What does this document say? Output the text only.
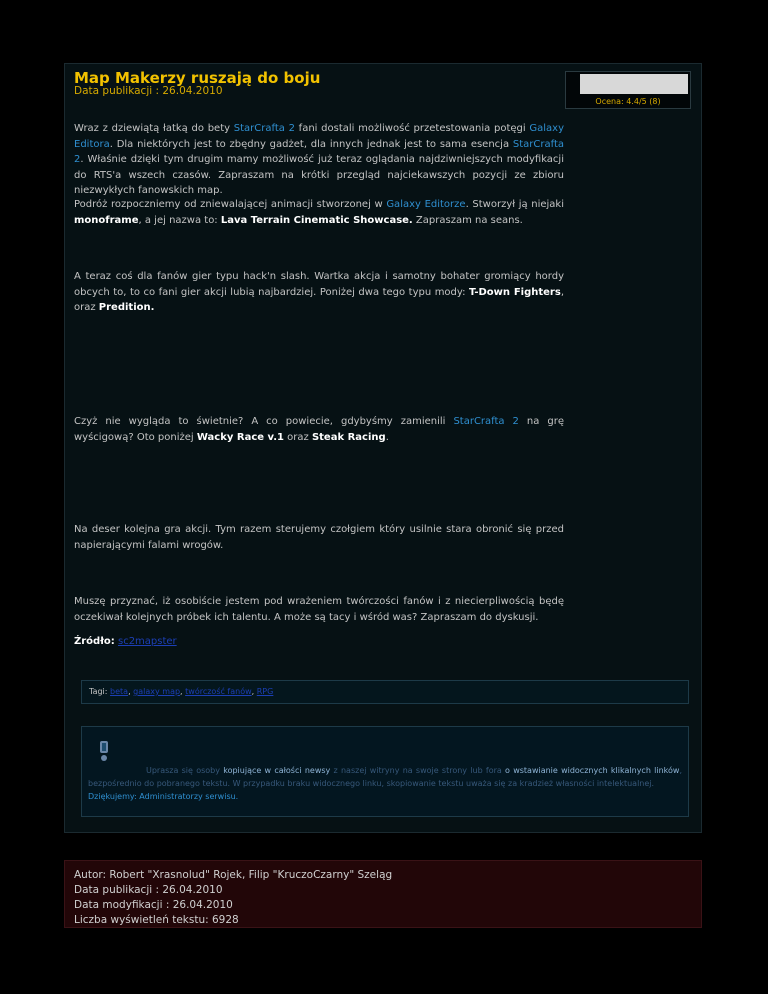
Map Makerzy ruszają do boju
Data publikacji : 26.04.2010
Ocena: 4.4/5 (8)

Wraz z dziewiątą łatką do bety StarCrafta 2 fani dostali możliwość przetestowania potęgi Galaxy Editora. Dla niektórych jest to zbędny gadżet, dla innych jednak jest to sama esencja StarCrafta 2. Właśnie dzięki tym drugim mamy możliwość już teraz oglądania najdziwniejszych modyfikacji do RTS'a wszech czasów. Zapraszam na krótki przegląd najciekawszych pozycji ze zbioru niezwykłych fanowskich map.

Podróż rozpoczniemy od zniewalającej animacji stworzonej w Galaxy Editorze. Stworzył ją niejaki monoframe, a jej nazwa to: Lava Terrain Cinematic Showcase. Zapraszam na seans.

A teraz coś dla fanów gier typu hack'n slash. Wartka akcja i samotny bohater gromiący hordy obcych to, to co fani gier akcji lubią najbardziej. Poniżej dwa tego typu mody: T-Down Fighters, oraz Predition.

Czyż nie wygląda to świetnie? A co powiecie, gdybyśmy zamienili StarCrafta 2 na grę wyścigową? Oto poniżej Wacky Race v.1 oraz Steak Racing.

Na deser kolejna gra akcji. Tym razem sterujemy czołgiem który usilnie stara obronić się przed napierającymi falami wrogów.

Muszę przyznać, iż osobiście jestem pod wrażeniem twórczości fanów i z niecierpliwością będę oczekiwał kolejnych próbek ich talentu. A może są tacy i wśród was? Zapraszam do dyskusji.

Źródło: sc2mapster

Tagi: beta, galaxy map, twórczość fanów, RPG
Uprasza się osoby kopiujące w całości newsy z naszej witryny na swoje strony lub fora o wstawianie widocznych klikalnych linków, bezpośrednio do pobranego tekstu. W przypadku braku widocznego linku, skopiowanie tekstu uważa się za kradzież własności intelektualnej.
Dziękujemy: Administratorzy serwisu.
Autor: Robert "Xrasnolud" Rojek, Filip "KruczoCzarny" Szeląg
Data publikacji : 26.04.2010
Data modyfikacji : 26.04.2010
Liczba wyświetleń tekstu: 6928
